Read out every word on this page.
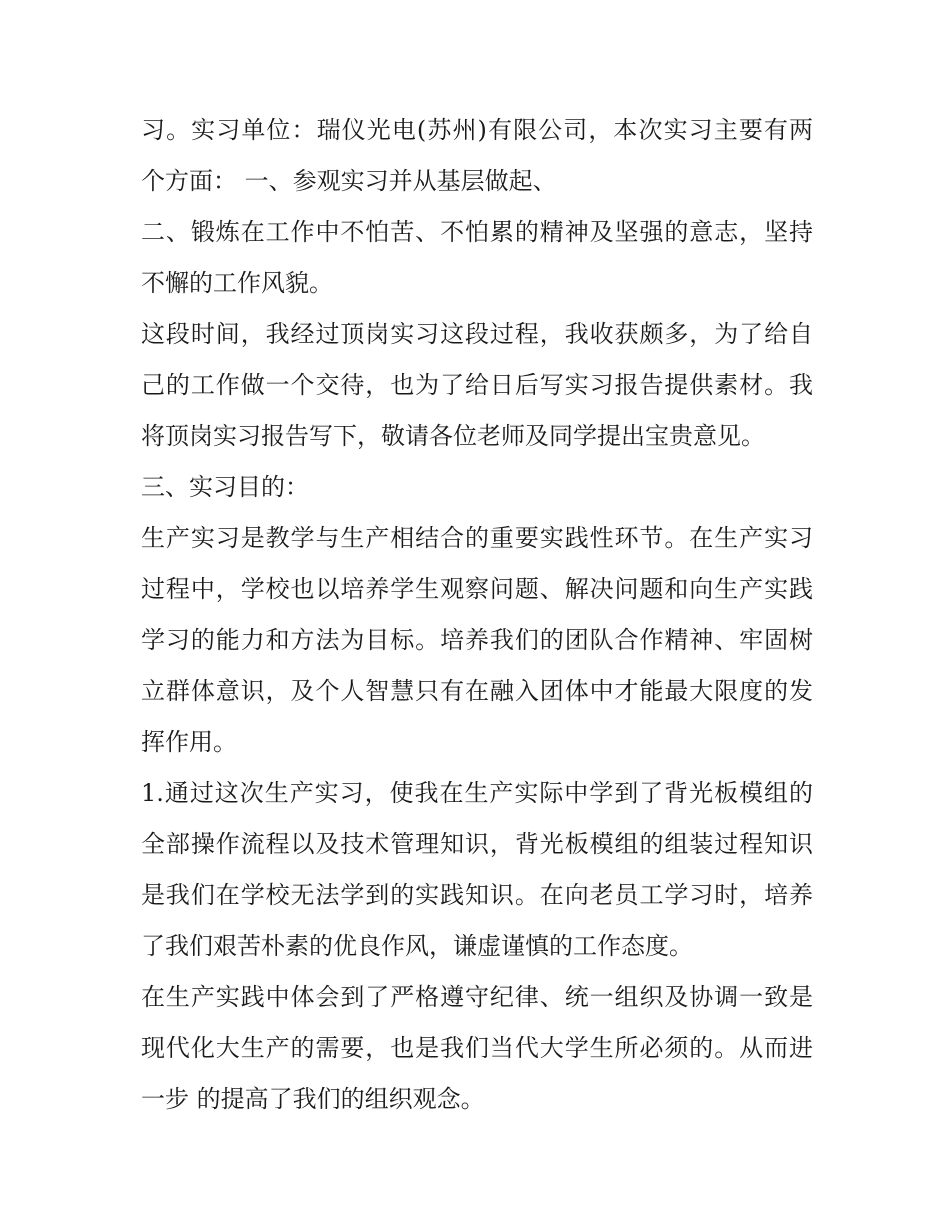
习。实习单位：瑞仪光电(苏州)有限公司，本次实习主要有两
个方面： 一、参观实习并从基层做起、
二、锻炼在工作中不怕苦、不怕累的精神及坚强的意志，坚持
不懈的工作风貌。
这段时间，我经过顶岗实习这段过程，我收获颇多，为了给自
己的工作做一个交待，也为了给日后写实习报告提供素材。我
将顶岗实习报告写下，敬请各位老师及同学提出宝贵意见。
三、实习目的：
生产实习是教学与生产相结合的重要实践性环节。在生产实习
过程中，学校也以培养学生观察问题、解决问题和向生产实践
学习的能力和方法为目标。培养我们的团队合作精神、牢固树
立群体意识，及个人智慧只有在融入团体中才能最大限度的发
挥作用。
1.通过这次生产实习，使我在生产实际中学到了背光板模组的
全部操作流程以及技术管理知识，背光板模组的组装过程知识
是我们在学校无法学到的实践知识。在向老员工学习时，培养
了我们艰苦朴素的优良作风，谦虚谨慎的工作态度。
在生产实践中体会到了严格遵守纪律、统一组织及协调一致是
现代化大生产的需要，也是我们当代大学生所必须的。从而进
一步 的提高了我们的组织观念。
